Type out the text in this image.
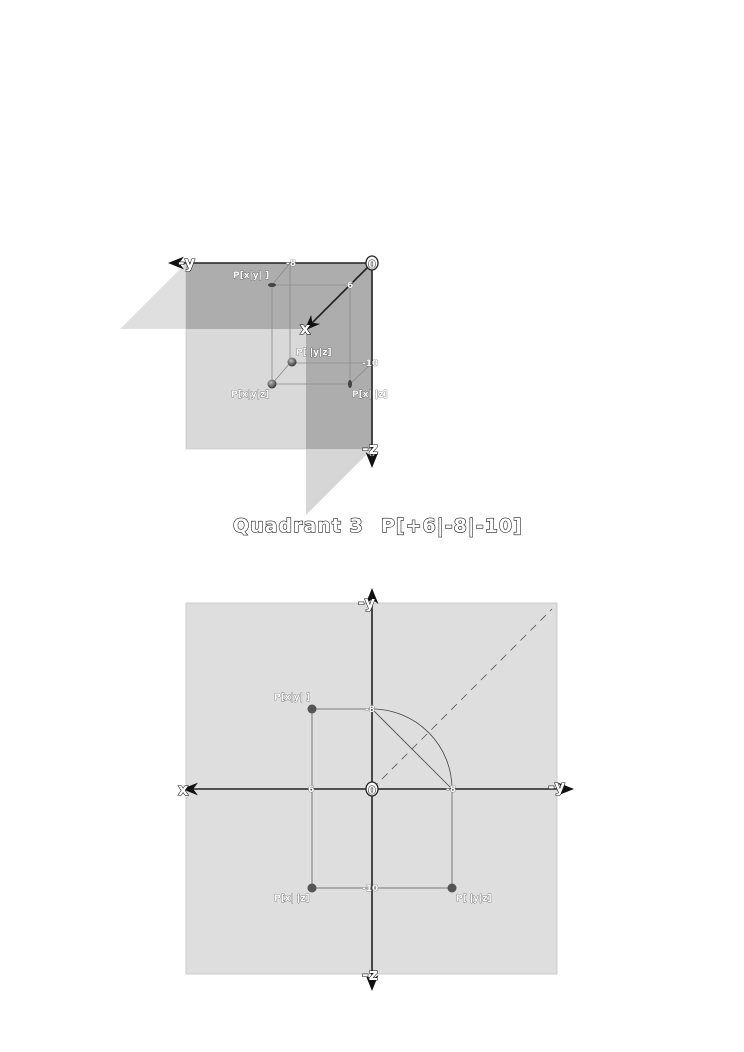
0
-y
x
-z
-8
6
-10
P[x|y| ]
P[ |y|z]
P[x|y|z]	P[x| |z]
Quadrant 3 P[+6|-8|-10]
0
-y
x	-y
-z
-8
6	-8
-10
P[x|y| ]
P[x| |z]	P[ |y|z]
